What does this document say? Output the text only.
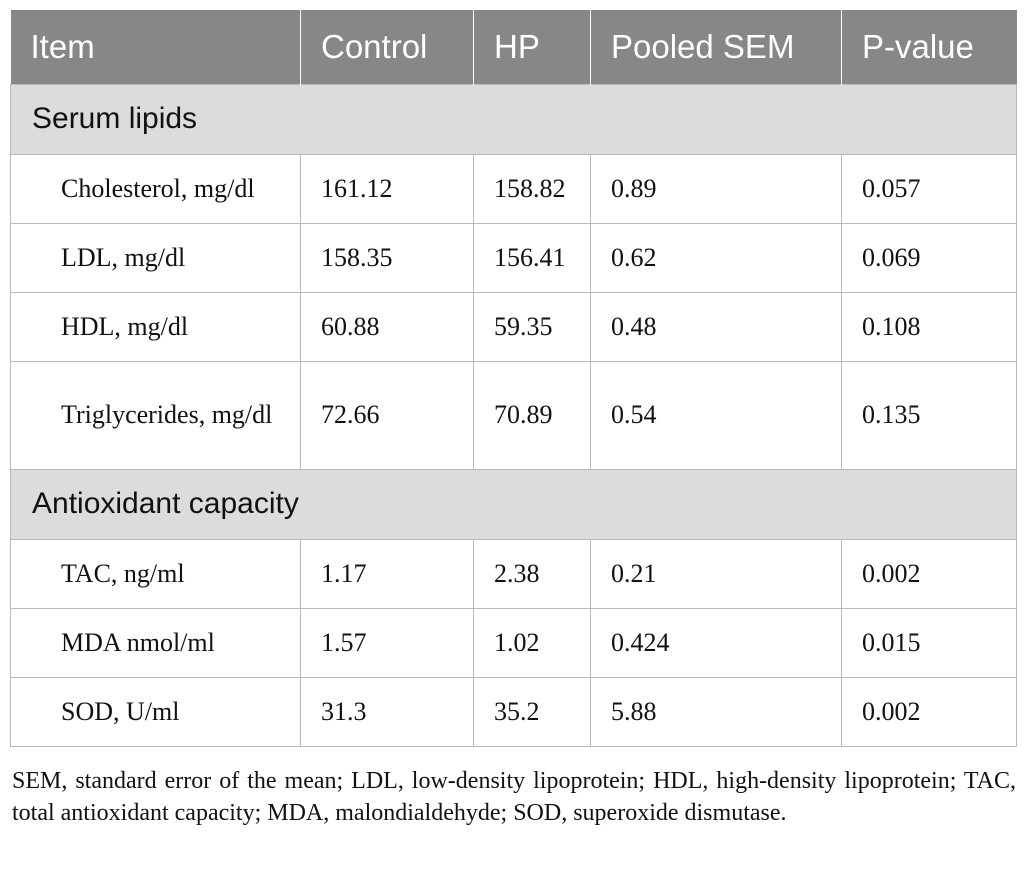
Item	Control	HP	Pooled SEM	P-value
Serum lipids				
Cholesterol, mg/dl	161.12	158.82	0.89	0.057
LDL, mg/dl	158.35	156.41	0.62	0.069
HDL, mg/dl	60.88	59.35	0.48	0.108
Triglycerides, mg/dl	72.66	70.89	0.54	0.135
Antioxidant capacity				
TAC, ng/ml	1.17	2.38	0.21	0.002
MDA nmol/ml	1.57	1.02	0.424	0.015
SOD, U/ml	31.3	35.2	5.88	0.002
SEM, standard error of the mean; LDL, low-density lipoprotein; HDL, high-density lipoprotein; TAC, total antioxidant capacity; MDA, malondialdehyde; SOD, superoxide dismutase.
